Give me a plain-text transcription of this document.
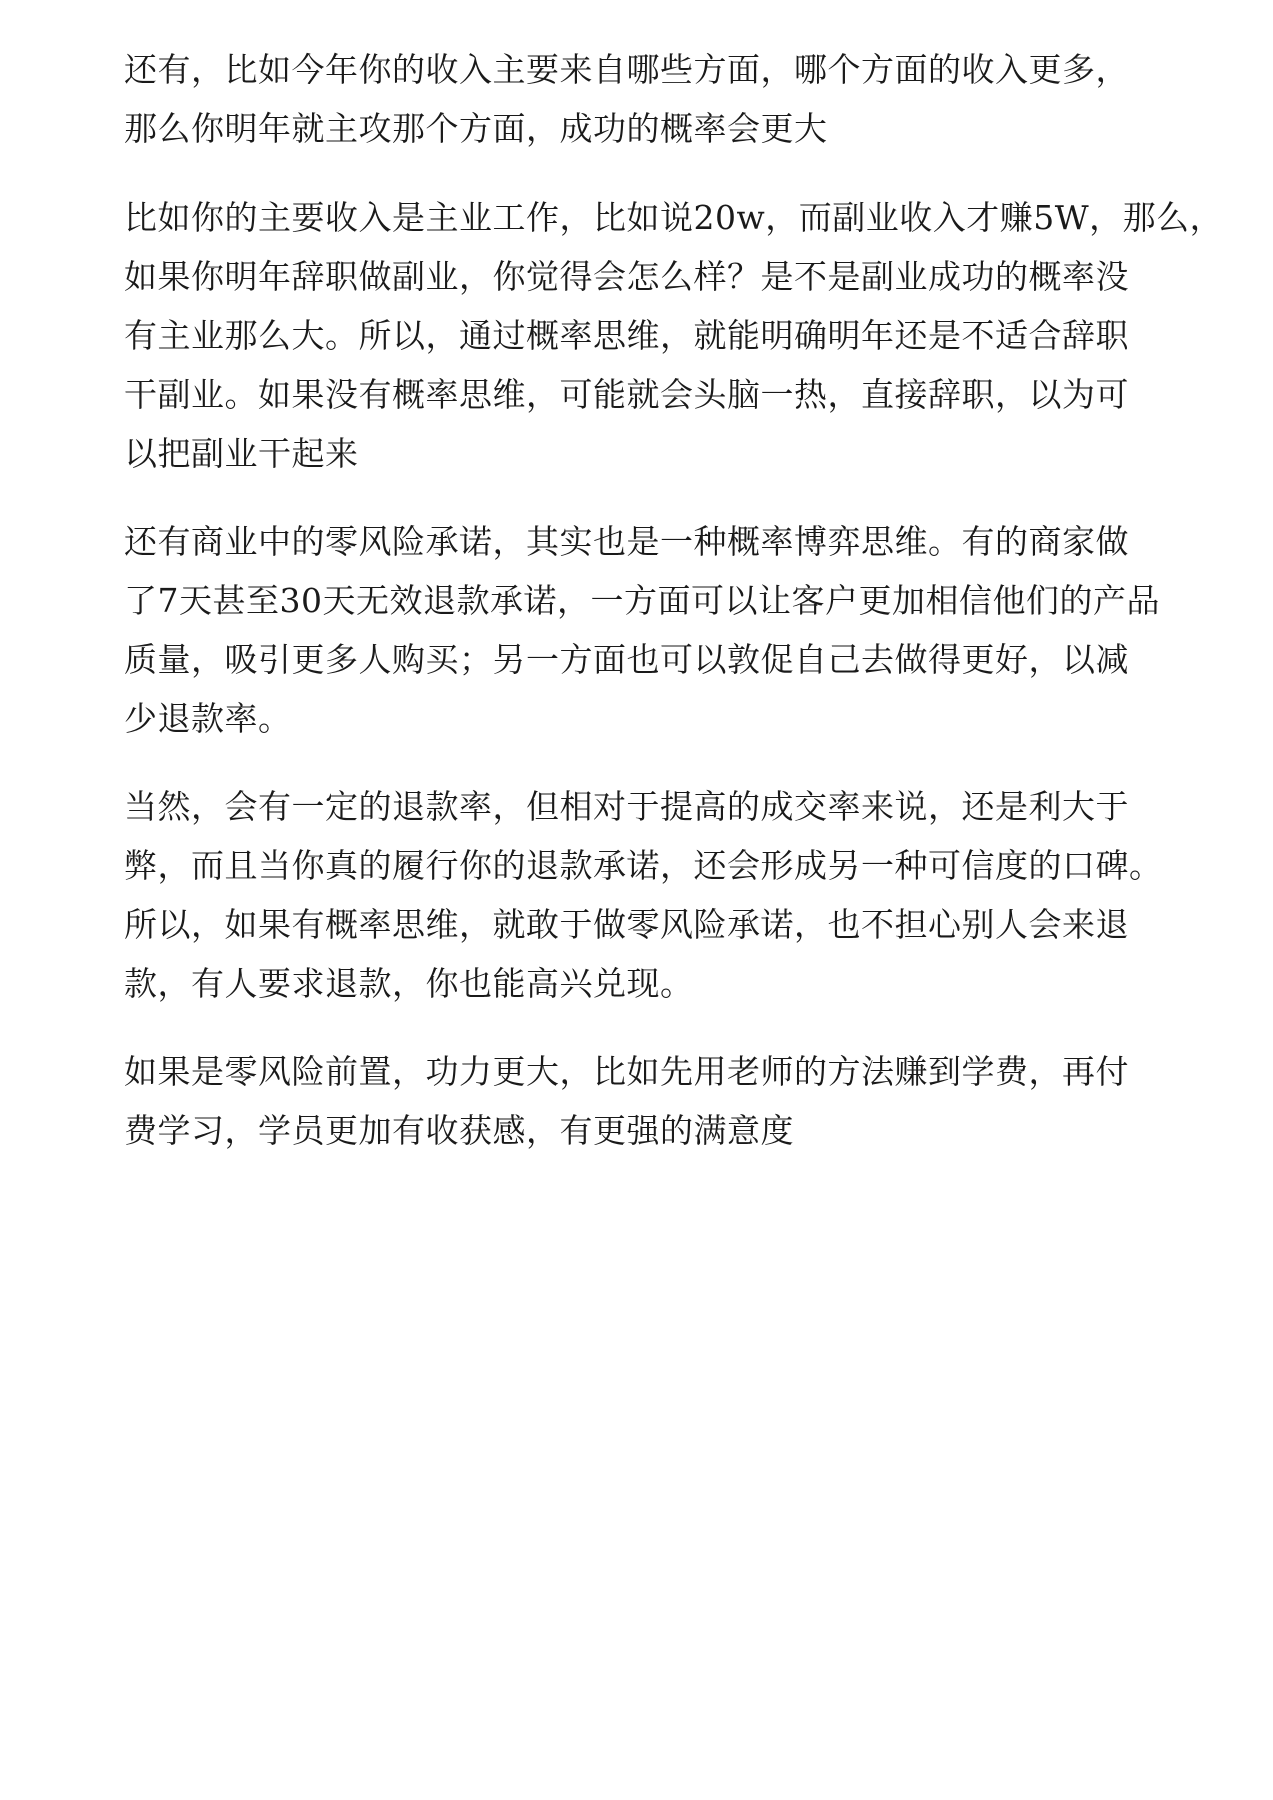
还有，比如今年你的收入主要来自哪些方面，哪个方面的收入更多，

那么你明年就主攻那个方面，成功的概率会更大

比如你的主要收入是主业工作，比如说20w，而副业收入才赚5W，那么，

如果你明年辞职做副业，你觉得会怎么样？是不是副业成功的概率没

有主业那么大。所以，通过概率思维，就能明确明年还是不适合辞职

干副业。如果没有概率思维，可能就会头脑一热，直接辞职，以为可

以把副业干起来

还有商业中的零风险承诺，其实也是一种概率博弈思维。有的商家做

了7天甚至30天无效退款承诺，一方面可以让客户更加相信他们的产品

质量，吸引更多人购买；另一方面也可以敦促自己去做得更好，以减

少退款率。

当然，会有一定的退款率，但相对于提高的成交率来说，还是利大于

弊，而且当你真的履行你的退款承诺，还会形成另一种可信度的口碑。

所以，如果有概率思维，就敢于做零风险承诺，也不担心别人会来退

款，有人要求退款，你也能高兴兑现。

如果是零风险前置，功力更大，比如先用老师的方法赚到学费，再付

费学习，学员更加有收获感，有更强的满意度
